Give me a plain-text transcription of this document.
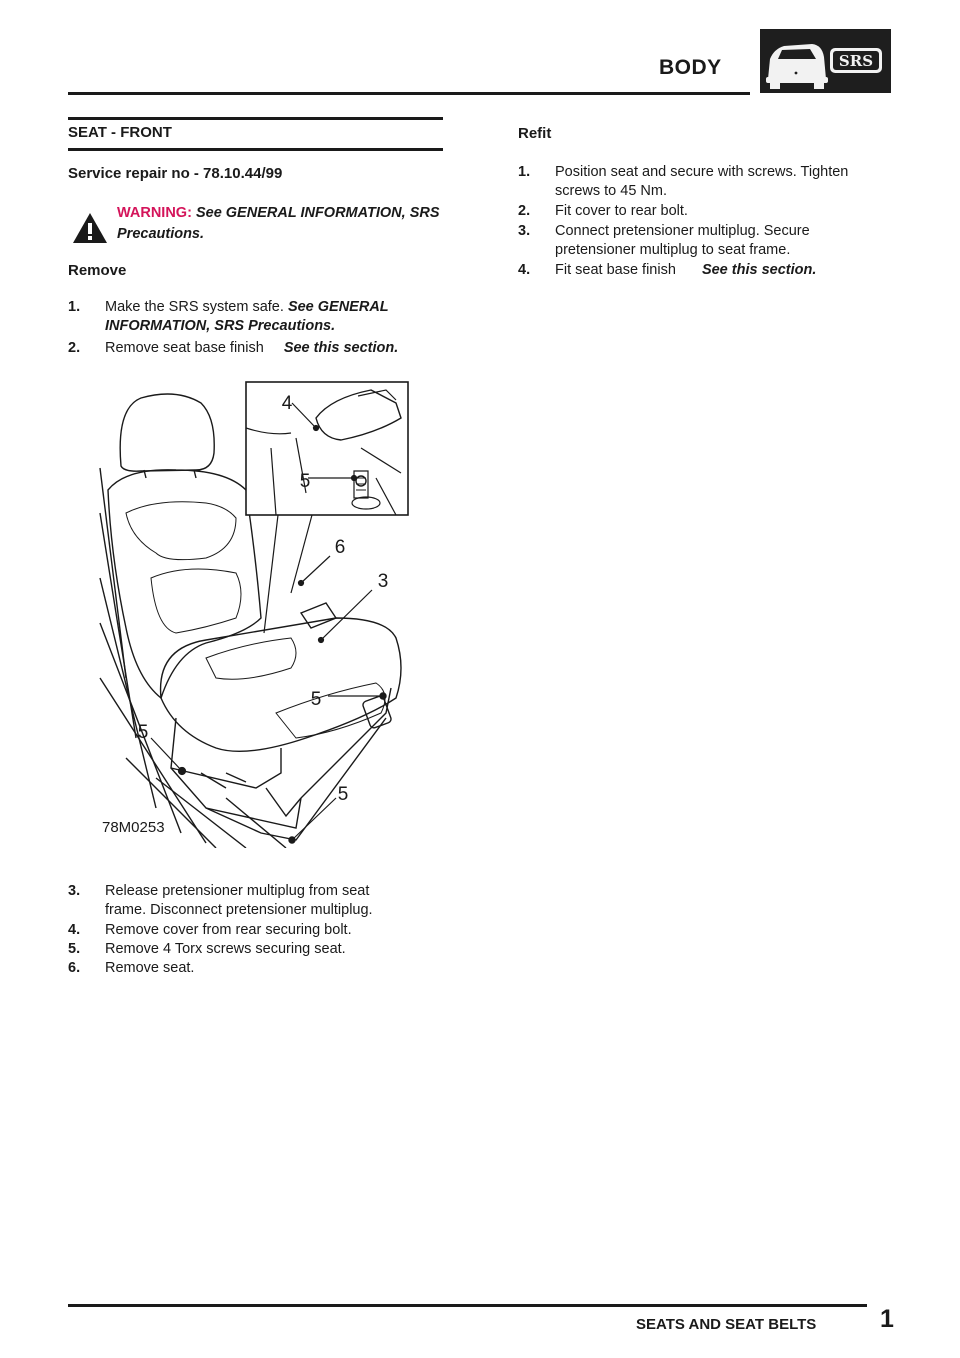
BODY	SRS
SEAT - FRONT
Service repair no - 78.10.44/99
WARNING: See GENERAL INFORMATION, SRS Precautions.
Remove
1. Make the SRS system safe. See GENERAL INFORMATION, SRS Precautions.
2. Remove seat base finish See this section.
4
5
6
3
5
5
5
78M0253
3. Release pretensioner multiplug from seat
frame. Disconnect pretensioner multiplug.
4. Remove cover from rear securing bolt.
5. Remove 4 Torx screws securing seat.
6. Remove seat.
Refit
1. Position seat and secure with screws. Tighten
screws to 45 Nm.
2. Fit cover to rear bolt.
3. Connect pretensioner multiplug. Secure
pretensioner multiplug to seat frame.
4. Fit seat base finish See this section.
SEATS AND SEAT BELTS	1
